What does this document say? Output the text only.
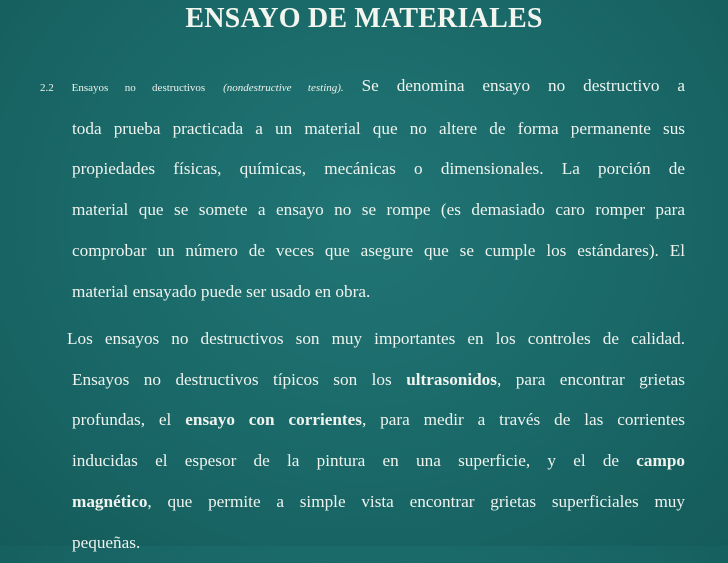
ENSAYO DE MATERIALES
2.2 Ensayos no destructivos (nondestructive testing). Se denomina ensayo no destructivo a
toda prueba practicada a un material que no altere de forma permanente sus
propiedades físicas, químicas, mecánicas o dimensionales. La porción de
material que se somete a ensayo no se rompe (es demasiado caro romper para
comprobar un número de veces que asegure que se cumple los estándares). El
material ensayado puede ser usado en obra.
Los ensayos no destructivos son muy importantes en los controles de calidad.
Ensayos no destructivos típicos son los ultrasonidos, para encontrar grietas
profundas, el ensayo con corrientes, para medir a través de las corrientes
inducidas el espesor de la pintura en una superficie, y el de campo
magnético, que permite a simple vista encontrar grietas superficiales muy
pequeñas.
